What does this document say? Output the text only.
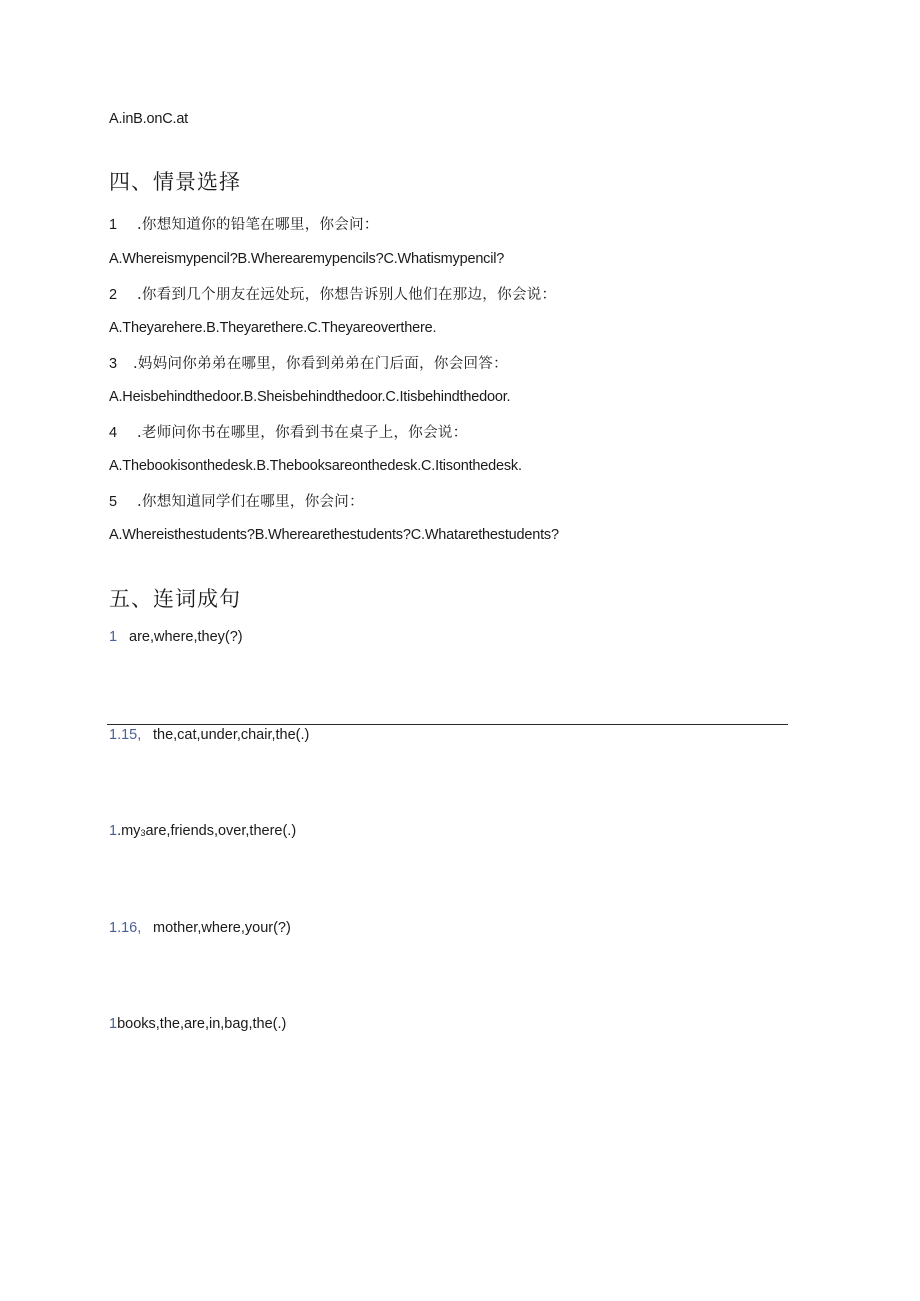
A.inB.onC.at
四、情景选择
1 .你想知道你的铅笔在哪里，你会问：
A.Whereismypencil?B.Wherearemypencils?C.Whatismypencil?
2 .你看到几个朋友在远处玩，你想告诉别人他们在那边，你会说：
A.Theyarehere.B.Theyarethere.C.Theyareoverthere.
3 .妈妈问你弟弟在哪里，你看到弟弟在门后面，你会回答：
A.Heisbehindthedoor.B.Sheisbehindthedoor.C.Itisbehindthedoor.
4 .老师问你书在哪里，你看到书在桌子上，你会说：
A.Thebookisonthedesk.B.Thebooksareonthedesk.C.Itisonthedesk.
5 .你想知道同学们在哪里，你会问：
A.Whereisthestudents?B.Wherearethestudents?C.Whatarethestudents?
五、连词成句
1 are,where,they(?)
1.15, the,cat,under,chair,the(.)
1.my3are,friends,over,there(.)
1.16, mother,where,your(?)
1books,the,are,in,bag,the(.)
